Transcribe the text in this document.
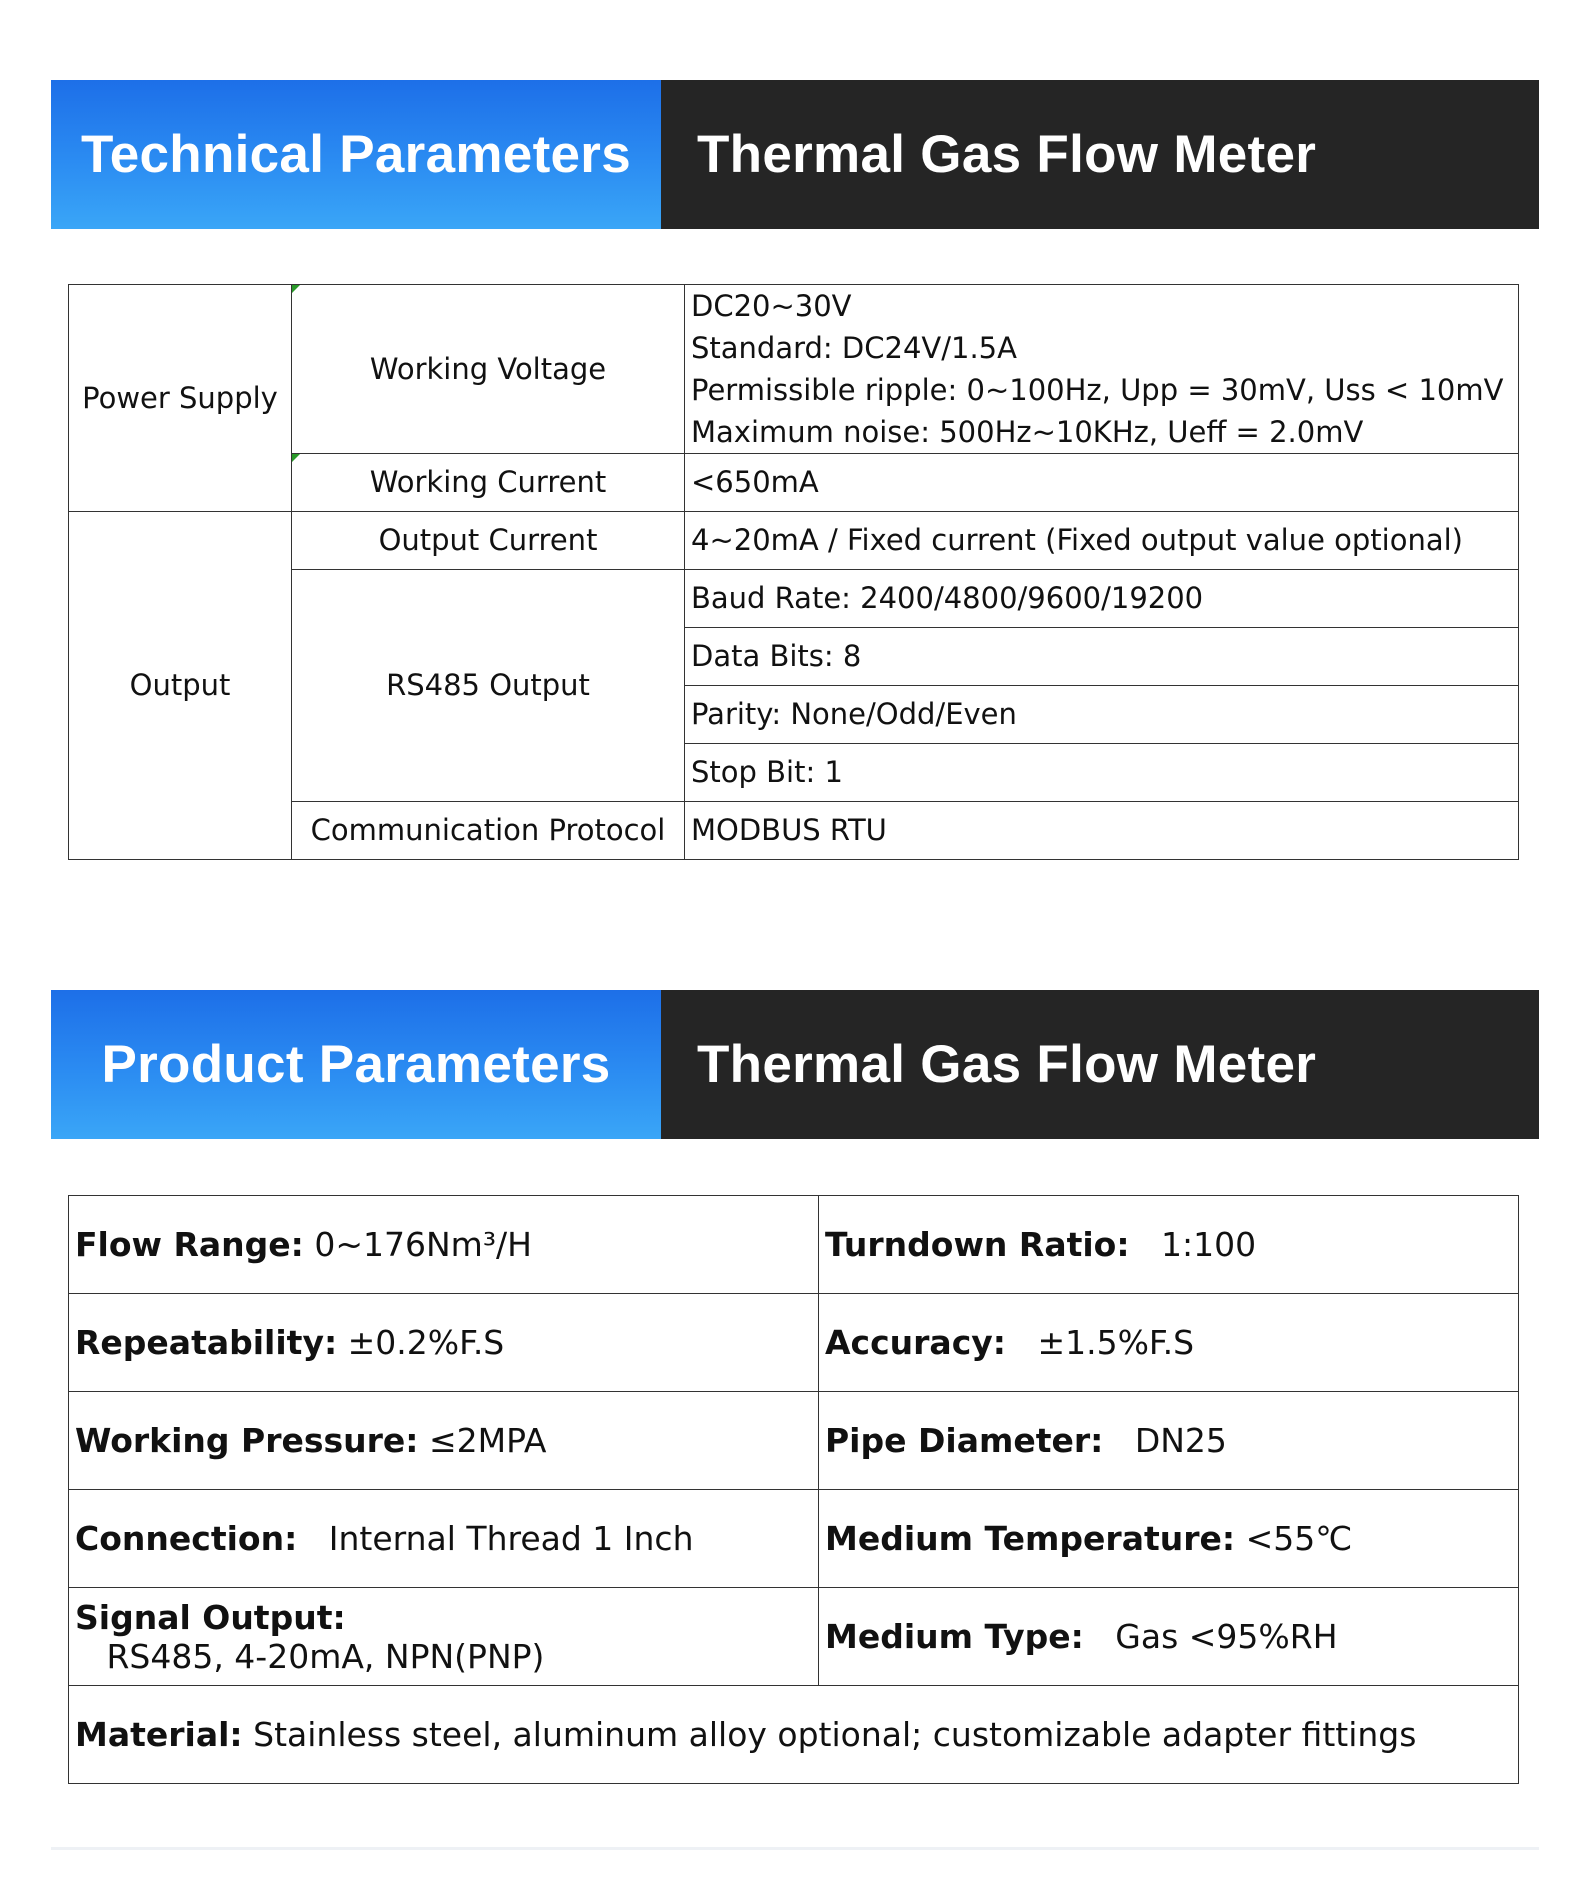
Technical Parameters Thermal Gas Flow Meter
Power Supply	Working Voltage	DC20~30V
Standard: DC24V/1.5A
Permissible ripple: 0~100Hz, Upp = 30mV, Uss < 10mV
Maximum noise: 500Hz~10KHz, Ueff = 2.0mV

	Working Current	<650mA
Output	Output Current	4~20mA / Fixed current (Fixed output value optional)
	RS485 Output	Baud Rate: 2400/4800/9600/19200
		Data Bits: 8
		Parity: None/Odd/Even
		Stop Bit: 1
	Communication Protocol	MODBUS RTU
Product Parameters Thermal Gas Flow Meter
Flow Range: 0~176Nm³/H	Turndown Ratio:   1:100
Repeatability: ±0.2%F.S	Accuracy:   ±1.5%F.S
Working Pressure: ≤2MPA	Pipe Diameter:   DN25
Connection:   Internal Thread 1 Inch	Medium Temperature: <55℃
Signal Output:   RS485, 4-20mA, NPN(PNP)	Medium Type:   Gas <95%RH
Material: Stainless steel, aluminum alloy optional; customizable adapter fittings	
